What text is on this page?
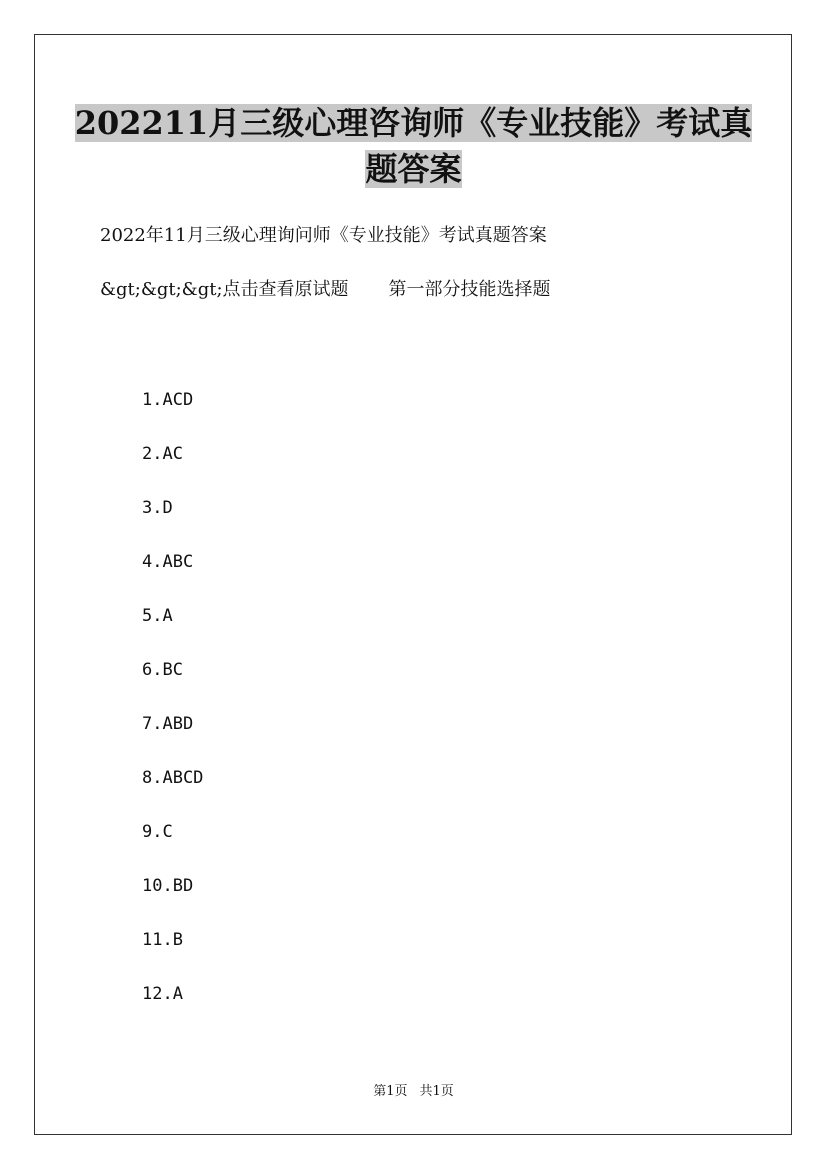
202211月三级心理咨询师《专业技能》考试真
题答案

2022年11月三级心理询问师《专业技能》考试真题答案

&gt;&gt;&gt;点击查看原试题 第一部分技能选择题

1.ACD
2.AC
3.D
4.ABC
5.A
6.BC
7.ABD
8.ABCD
9.C
10.BD
11.B
12.A
第1页 共1页
